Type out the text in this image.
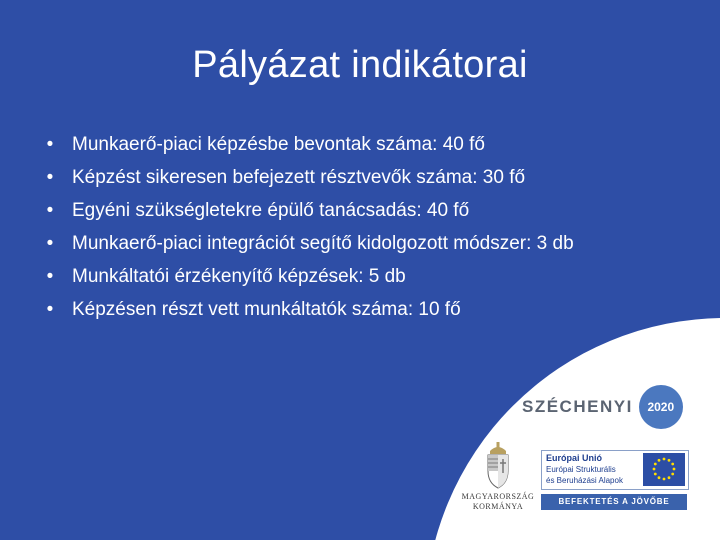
Pályázat indikátorai
• Munkaerő-piaci képzésbe bevontak száma: 40 fő
• Képzést sikeresen befejezett résztvevők száma: 30 fő
• Egyéni szükségletekre épülő tanácsadás: 40 fő
• Munkaerő-piaci integrációt segítő kidolgozott módszer: 3 db
• Munkáltatói érzékenyítő képzések: 5 db
• Képzésen részt vett munkáltatók száma: 10 fő
SZÉCHENYI	2020
MAGYARORSZÁG
KORMÁNYA
Európai Unió
Európai Strukturális
és Beruházási Alapok
BEFEKTETÉS A JÖVŐBE
